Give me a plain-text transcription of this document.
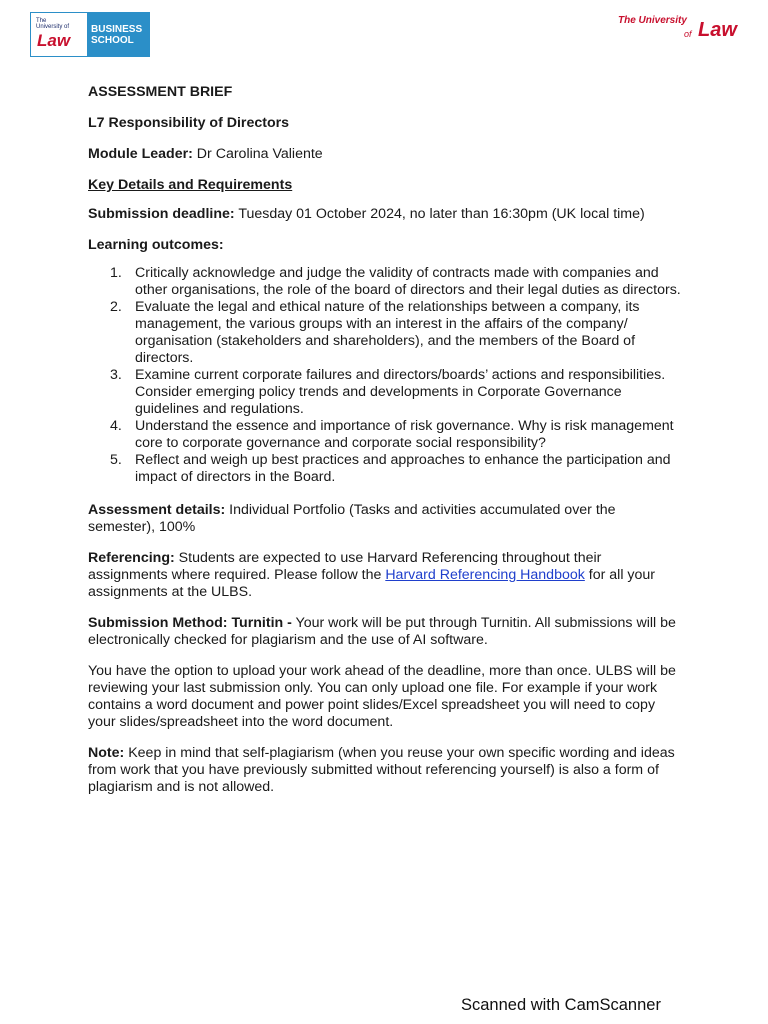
The
University of
Law
BUSINESS
SCHOOL
The University
of Law

ASSESSMENT BRIEF

L7 Responsibility of Directors

Module Leader: Dr Carolina Valiente

Key Details and Requirements

Submission deadline: Tuesday 01 October 2024, no later than 16:30pm (UK local time)

Learning outcomes:

1. Critically acknowledge and judge the validity of contracts made with companies and other organisations, the role of the board of directors and their legal duties as directors.
2. Evaluate the legal and ethical nature of the relationships between a company, its management, the various groups with an interest in the affairs of the company/ organisation (stakeholders and shareholders), and the members of the Board of directors.
3. Examine current corporate failures and directors/boards’ actions and responsibilities. Consider emerging policy trends and developments in Corporate Governance guidelines and regulations.
4. Understand the essence and importance of risk governance. Why is risk management core to corporate governance and corporate social responsibility?
5. Reflect and weigh up best practices and approaches to enhance the participation and impact of directors in the Board.

Assessment details: Individual Portfolio (Tasks and activities accumulated over the semester), 100%

Referencing: Students are expected to use Harvard Referencing throughout their assignments where required. Please follow the Harvard Referencing Handbook for all your assignments at the ULBS.

Submission Method: Turnitin - Your work will be put through Turnitin. All submissions will be electronically checked for plagiarism and the use of AI software.

You have the option to upload your work ahead of the deadline, more than once. ULBS will be reviewing your last submission only. You can only upload one file. For example if your work contains a word document and power point slides/Excel spreadsheet you will need to copy your slides/spreadsheet into the word document.

Note: Keep in mind that self-plagiarism (when you reuse your own specific wording and ideas from work that you have previously submitted without referencing yourself) is also a form of plagiarism and is not allowed.

Scanned with CamScanner
